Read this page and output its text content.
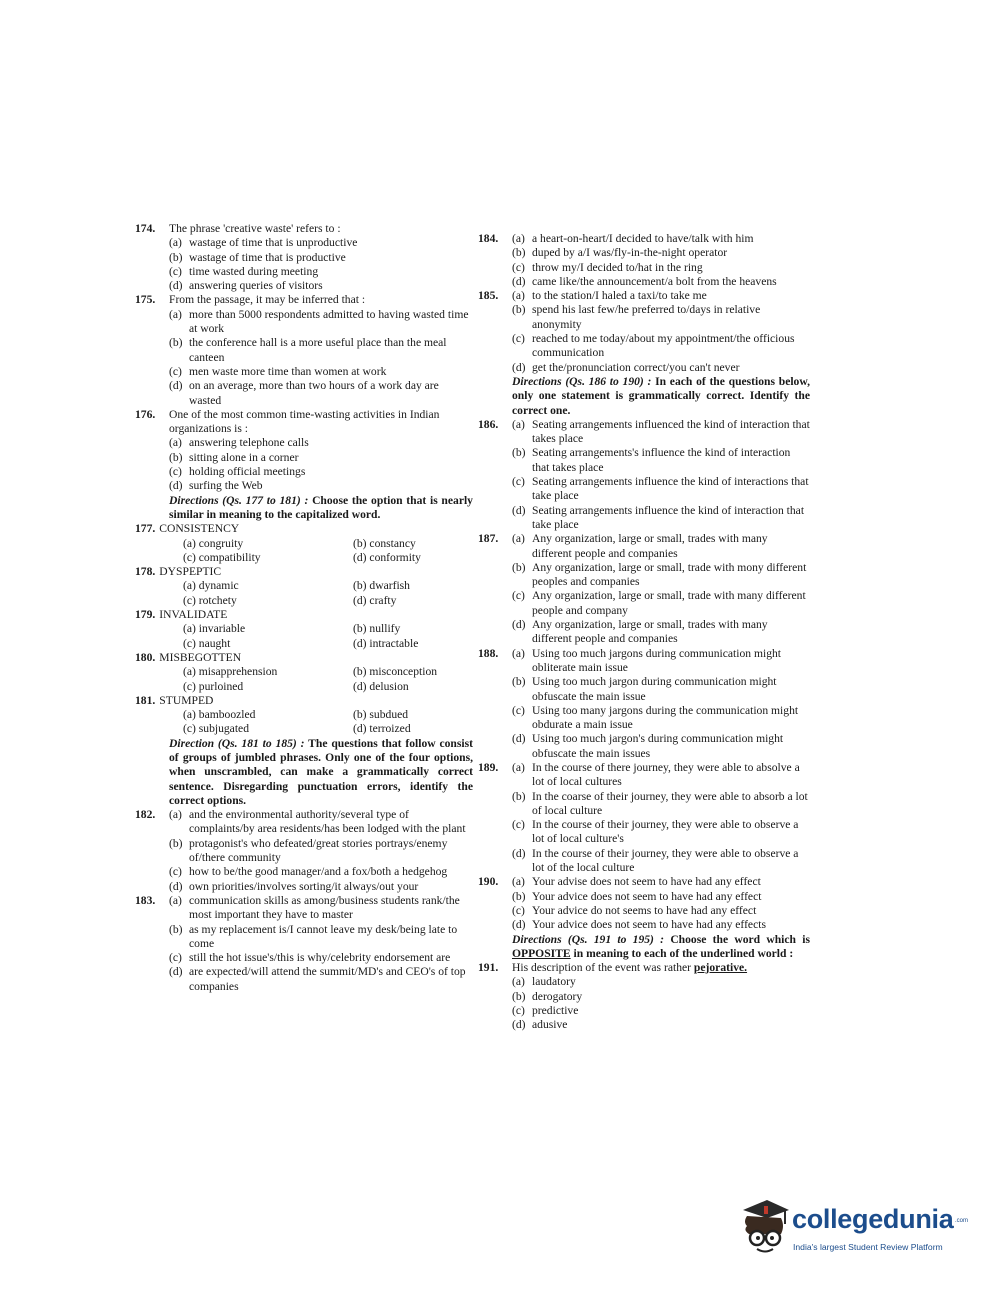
174. The phrase 'creative waste' refers to :
(a) wastage of time that is unproductive
(b) wastage of time that is productive
(c) time wasted during meeting
(d) answering queries of visitors
175. From the passage, it may be inferred that :
(a) more than 5000 respondents admitted to having wasted time at work
(b) the conference hall is a more useful place than the meal canteen
(c) men waste more time than women at work
(d) on an average, more than two hours of a work day are wasted
176. One of the most common time-wasting activities in Indian organizations is :
(a) answering telephone calls
(b) sitting alone in a corner
(c) holding official meetings
(d) surfing the Web
Directions (Qs. 177 to 181) : Choose the option that is nearly similar in meaning to the capitalized word.
177. CONSISTENCY
(a) congruity	(b) constancy
(c) compatibility	(d) conformity
178. DYSPEPTIC
(a) dynamic	(b) dwarfish
(c) rotchety	(d) crafty
179. INVALIDATE
(a) invariable	(b) nullify
(c) naught	(d) intractable
180. MISBEGOTTEN
(a) misapprehension	(b) misconception
(c) purloined	(d) delusion
181. STUMPED
(a) bamboozled	(b) subdued
(c) subjugated	(d) terroized
Direction (Qs. 181 to 185) : The questions that follow consist of groups of jumbled phrases. Only one of the four options, when unscrambled, can make a grammatically correct sentence. Disregarding punctuation errors, identify the correct options.
182. (a) and the environmental authority/several type of complaints/by area residents/has been lodged with the plant
(b) protagonist's who defeated/great stories portrays/enemy of/there community
(c) how to be/the good manager/and a fox/both a hedgehog
(d) own priorities/involves sorting/it always/out your
183. (a) communication skills as among/business students rank/the most important they have to master
(b) as my replacement is/I cannot leave my desk/being late to come
(c) still the hot issue's/this is why/celebrity endorsement are
(d) are expected/will attend the summit/MD's and CEO's of top companies
184. (a) a heart-on-heart/I decided to have/talk with him
(b) duped by a/I was/fly-in-the-night operator
(c) throw my/I decided to/hat in the ring
(d) came like/the announcement/a bolt from the heavens
185. (a) to the station/I haled a taxi/to take me
(b) spend his last few/he preferred to/days in relative anonymity
(c) reached to me today/about my appointment/the officious communication
(d) get the/pronunciation correct/you can't never
Directions (Qs. 186 to 190) : In each of the questions below, only one statement is grammatically correct. Identify the correct one.
186. (a) Seating arrangements influenced the kind of interaction that takes place
(b) Seating arrangements's influence the kind of interaction that takes place
(c) Seating arrangements influence the kind of interactions that take place
(d) Seating arrangements influence the kind of interaction that take place
187. (a) Any organization, large or small, trades with many different people and companies
(b) Any organization, large or small, trade with mony different peoples and companies
(c) Any organization, large or small, trade with many different people and company
(d) Any organization, large or small, trades with many different people and companies
188. (a) Using too much jargons during communication might obliterate main issue
(b) Using too much jargon during communication might obfuscate the main issue
(c) Using too many jargons during the communication might obdurate a main issue
(d) Using too much jargon's during communication might obfuscate the main issues
189. (a) In the course of there journey, they were able to absolve a lot of local cultures
(b) In the coarse of their journey, they were able to absorb a lot of local culture
(c) In the course of their journey, they were able to observe a lot of local culture's
(d) In the course of their journey, they were able to observe a lot of the local culture
190. (a) Your advise does not seem to have had any effect
(b) Your advice does not seem to have had any effect
(c) Your advice do not seems to have had any effect
(d) Your advice does not seem to have had any effects
Directions (Qs. 191 to 195) : Choose the word which is OPPOSITE in meaning to each of the underlined world :
191. His description of the event was rather pejorative.
(a) laudatory
(b) derogatory
(c) predictive
(d) adusive
collegedunia .com
India's largest Student Review Platform
